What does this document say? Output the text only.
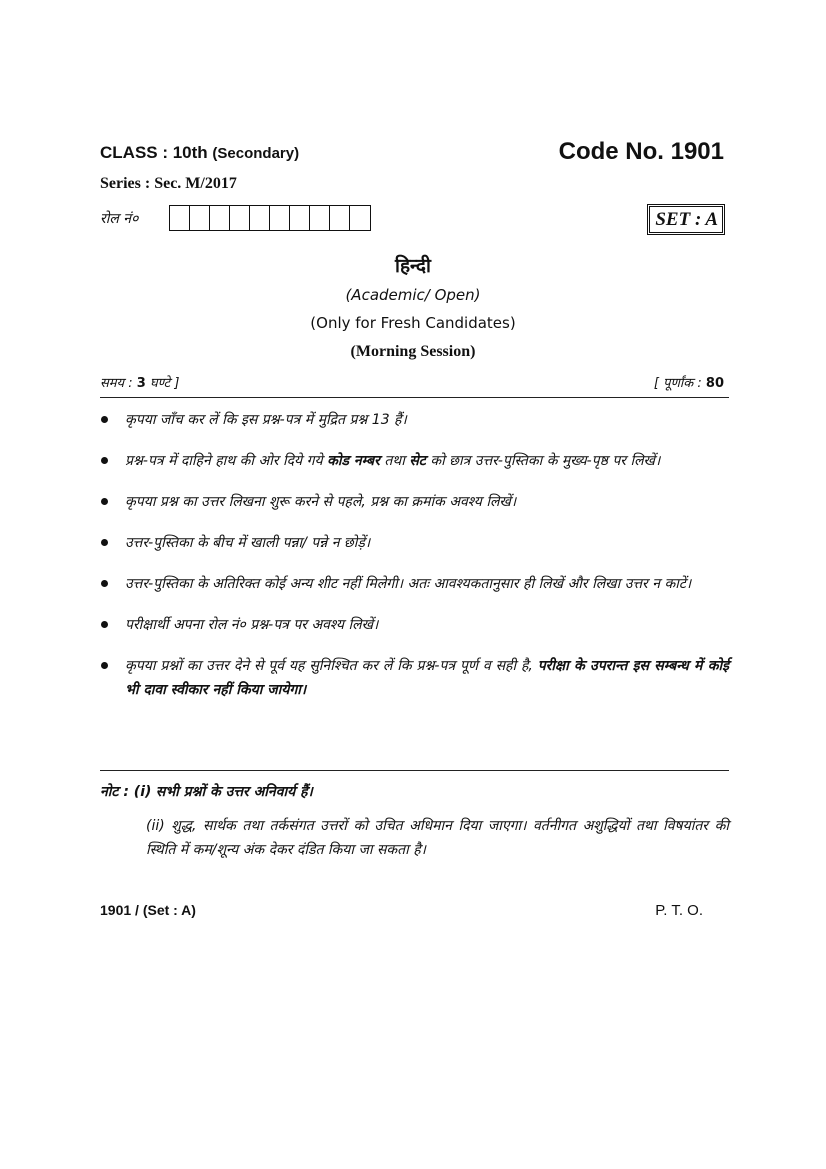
CLASS : 10th (Secondary)	Code No. 1901
Series : Sec. M/2017
रोल नं०	SET : A
हिन्दी
(Academic/ Open)
(Only for Fresh Candidates)
(Morning Session)
समय : 3 घण्टे ]	[ पूर्णांक : 80
कृपया जाँच कर लें कि इस प्रश्न-पत्र में मुद्रित प्रश्न 13 हैं।
प्रश्न-पत्र में दाहिने हाथ की ओर दिये गये कोड नम्बर तथा सेट को छात्र उत्तर-पुस्तिका के मुख्य-पृष्ठ पर लिखें।
कृपया प्रश्न का उत्तर लिखना शुरू करने से पहले, प्रश्न का क्रमांक अवश्य लिखें।
उत्तर-पुस्तिका के बीच में खाली पन्ना/ पन्ने न छोड़ें।
उत्तर-पुस्तिका के अतिरिक्त कोई अन्य शीट नहीं मिलेगी। अतः आवश्यकतानुसार ही लिखें और लिखा उत्तर न काटें।
परीक्षार्थी अपना रोल नं० प्रश्न-पत्र पर अवश्य लिखें।
कृपया प्रश्नों का उत्तर देने से पूर्व यह सुनिश्चित कर लें कि प्रश्न-पत्र पूर्ण व सही है, परीक्षा के उपरान्त इस सम्बन्ध में कोई भी दावा स्वीकार नहीं किया जायेगा।
नोट : (i) सभी प्रश्नों के उत्तर अनिवार्य हैं।
(ii) शुद्ध, सार्थक तथा तर्कसंगत उत्तरों को उचित अधिमान दिया जाएगा। वर्तनीगत अशुद्धियों तथा विषयांतर की स्थिति में कम/शून्य अंक देकर दंडित किया जा सकता है।
1901 / (Set : A)	P. T. O.
